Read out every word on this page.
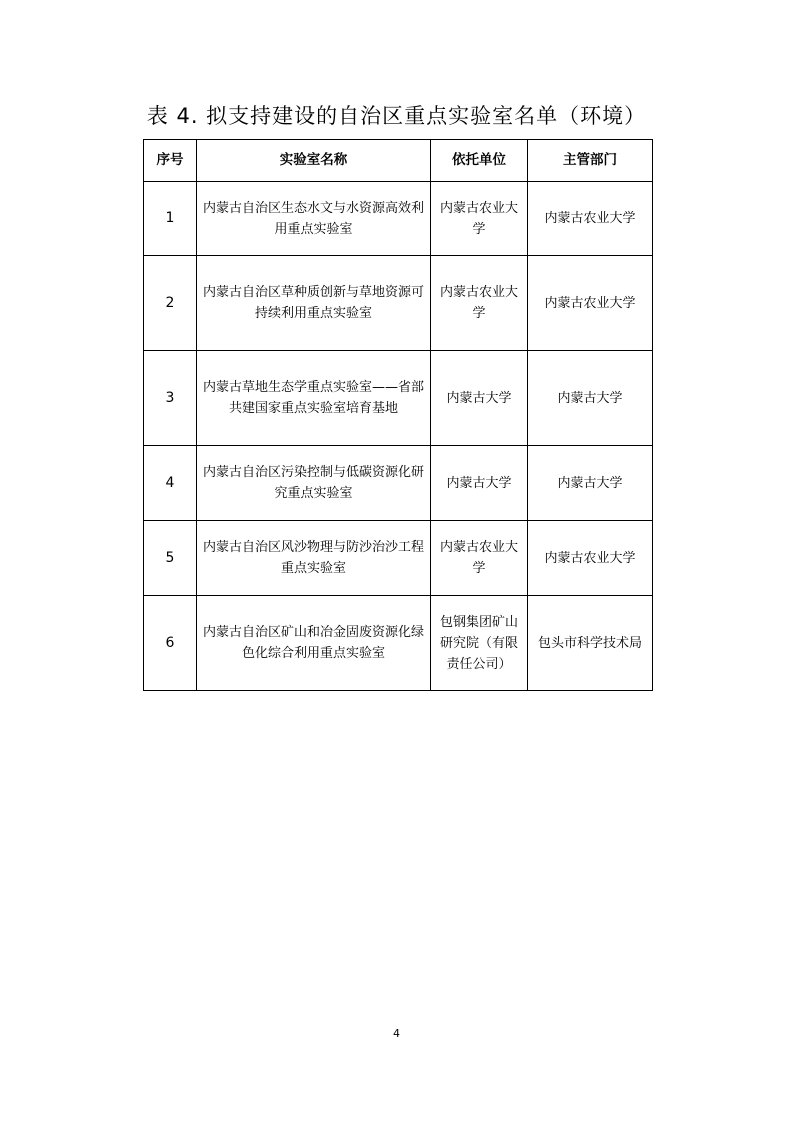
表 4. 拟支持建设的自治区重点实验室名单（环境）
序号	实验室名称	依托单位	主管部门
1	内蒙古自治区生态水文与水资源高效利用重点实验室	内蒙古农业大学	内蒙古农业大学
2	内蒙古自治区草种质创新与草地资源可持续利用重点实验室	内蒙古农业大学	内蒙古农业大学
3	内蒙古草地生态学重点实验室——省部共建国家重点实验室培育基地	内蒙古大学	内蒙古大学
4	内蒙古自治区污染控制与低碳资源化研究重点实验室	内蒙古大学	内蒙古大学
5	内蒙古自治区风沙物理与防沙治沙工程重点实验室	内蒙古农业大学	内蒙古农业大学
6	内蒙古自治区矿山和冶金固废资源化绿色化综合利用重点实验室	包钢集团矿山研究院（有限责任公司）	包头市科学技术局
4
